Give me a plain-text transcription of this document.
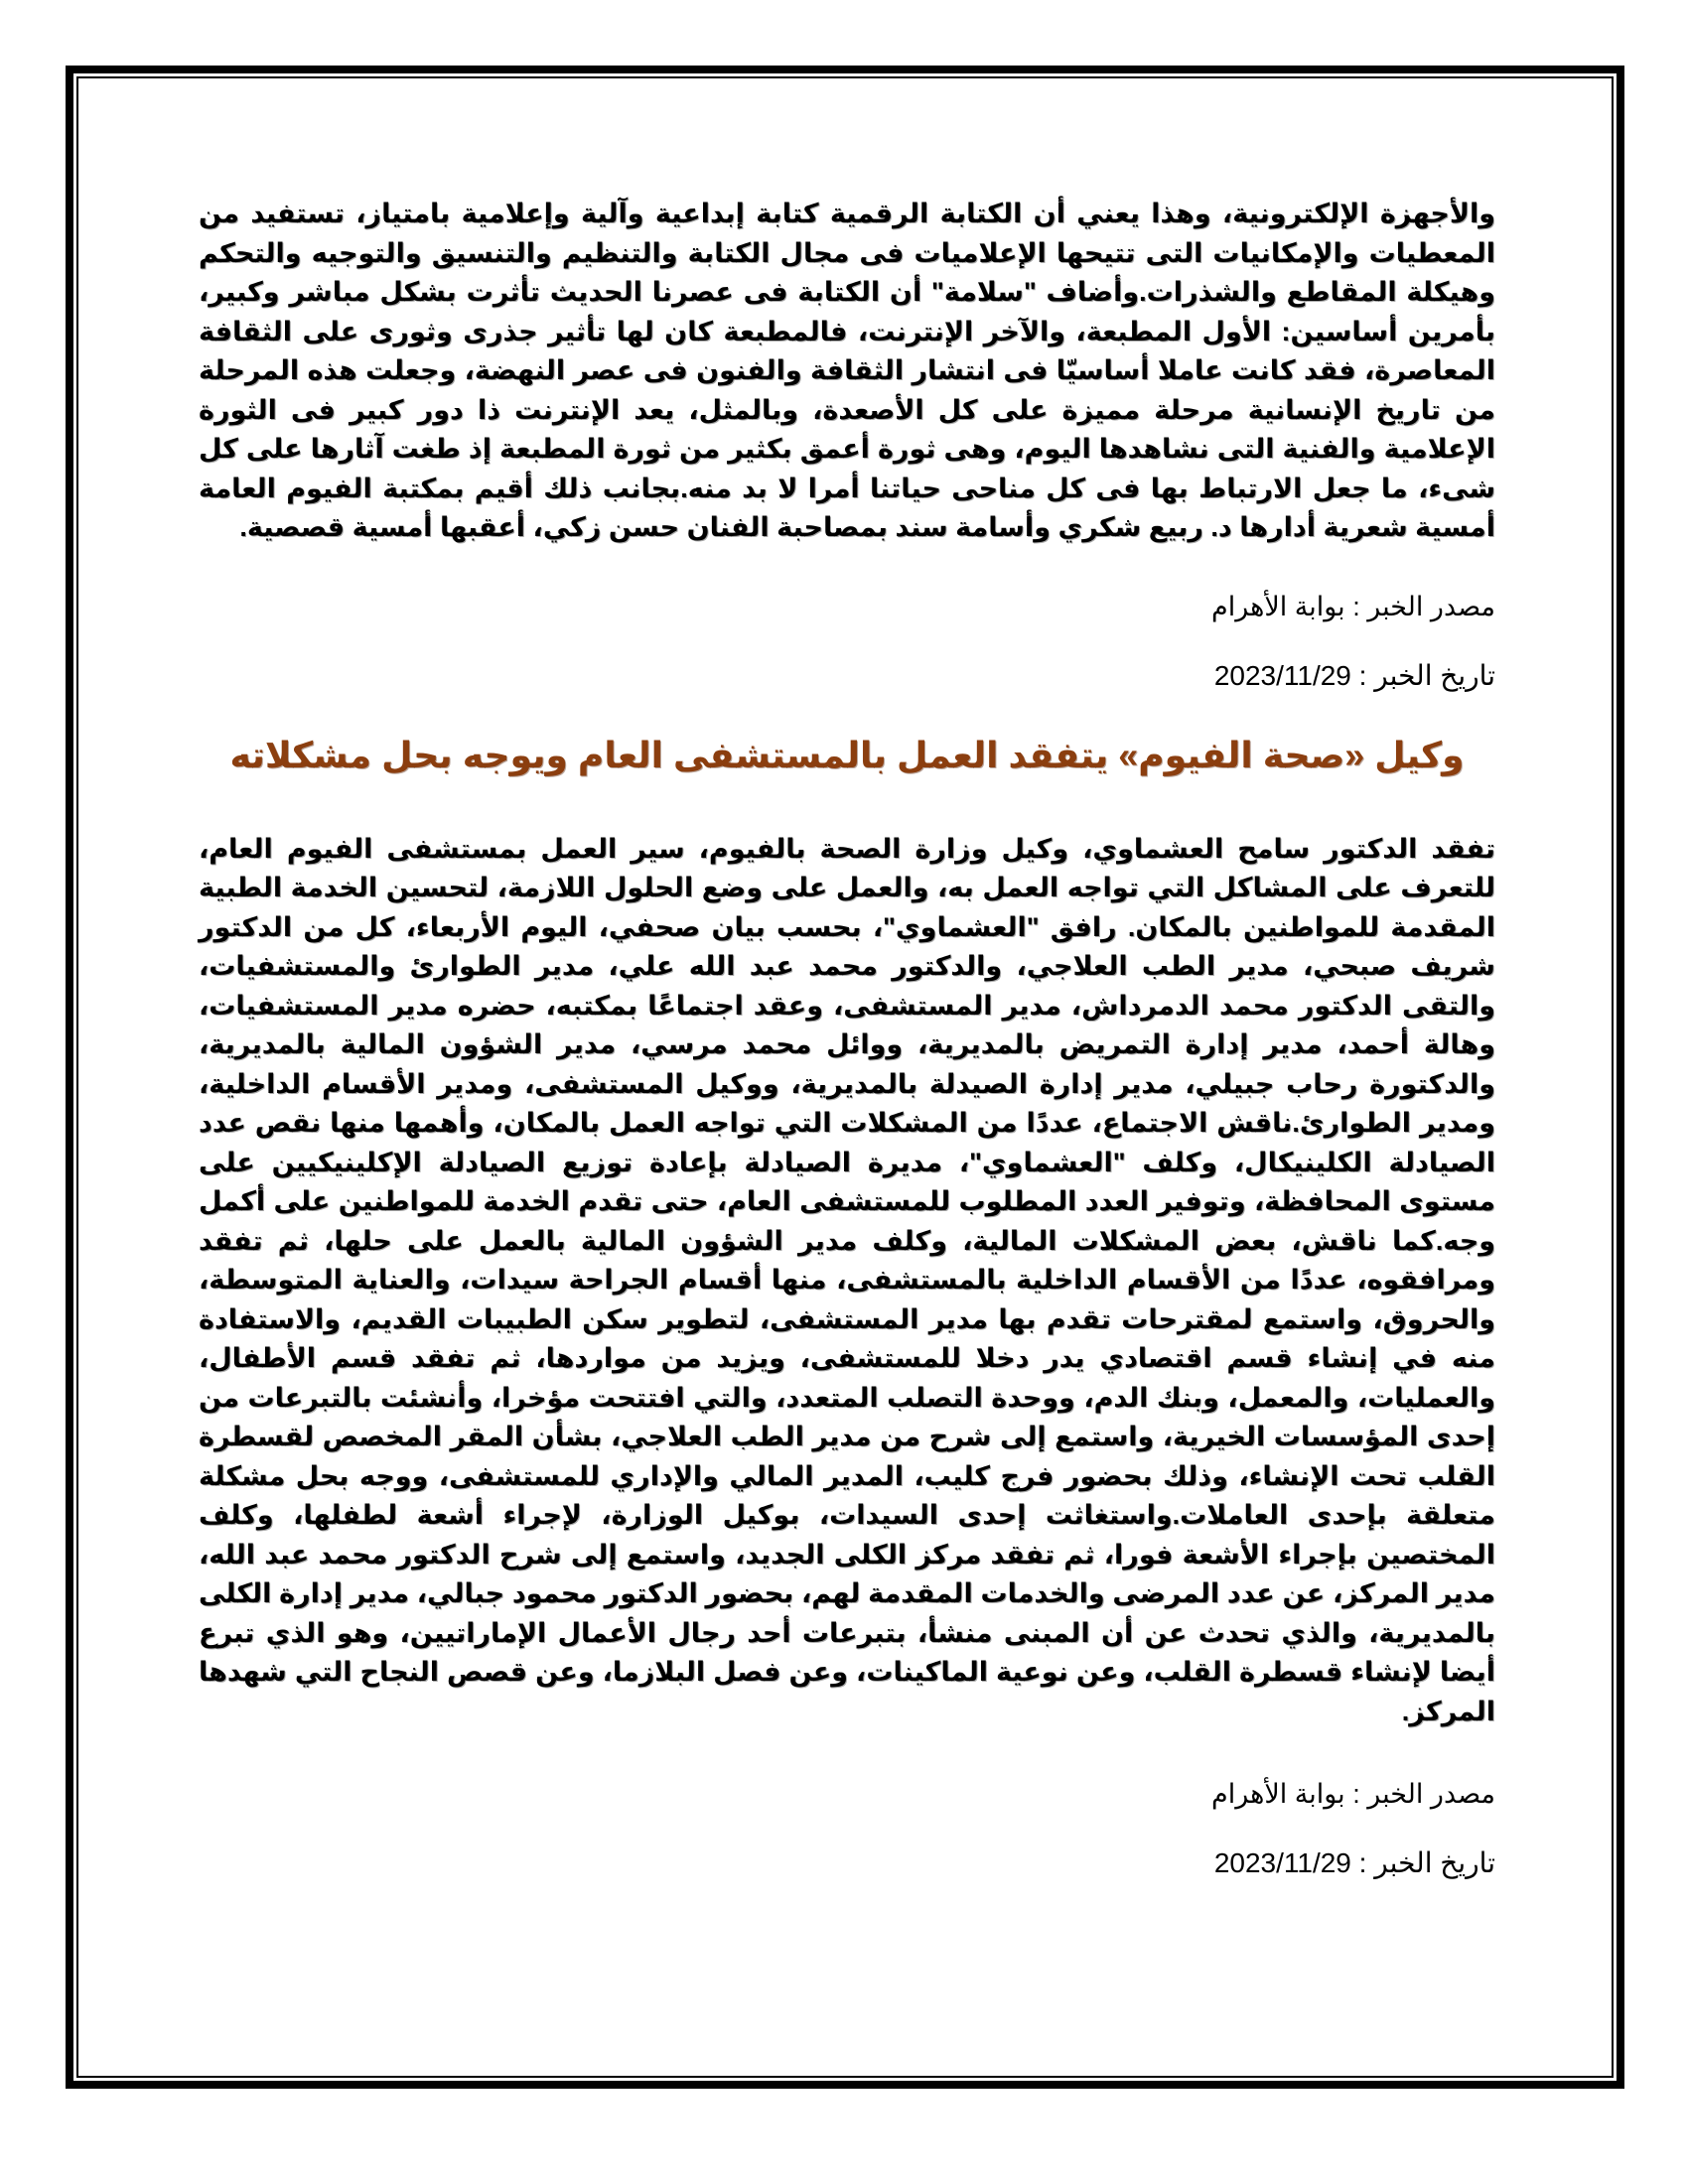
والأجهزة الإلكترونية، وهذا يعني أن الكتابة الرقمية كتابة إبداعية وآلية وإعلامية بامتياز، تستفيد من المعطيات والإمكانيات التى تتيحها الإعلاميات فى مجال الكتابة والتنظيم والتنسيق والتوجيه والتحكم وهيكلة المقاطع والشذرات.وأضاف "سلامة" أن الكتابة فى عصرنا الحديث تأثرت بشكل مباشر وكبير، بأمرين أساسين: الأول المطبعة، والآخر الإنترنت، فالمطبعة كان لها تأثير جذرى وثورى على الثقافة المعاصرة، فقد كانت عاملا أساسيّا فى انتشار الثقافة والفنون فى عصر النهضة، وجعلت هذه المرحلة من تاريخ الإنسانية مرحلة مميزة على كل الأصعدة، وبالمثل، يعد الإنترنت ذا دور كبير فى الثورة الإعلامية والفنية التى نشاهدها اليوم، وهى ثورة أعمق بكثير من ثورة المطبعة إذ طغت آثارها على كل شىء، ما جعل الارتباط بها فى كل مناحى حياتنا أمرا لا بد منه.بجانب ذلك أقيم بمكتبة الفيوم العامة أمسية شعرية أدارها د. ربيع شكري وأسامة سند بمصاحبة الفنان حسن زكي، أعقبها أمسية قصصية.

مصدر الخبر : بوابة الأهرام

تاريخ الخبر : 2023/11/29

وكيل «صحة الفيوم» يتفقد العمل بالمستشفى العام ويوجه بحل مشكلاته

تفقد الدكتور سامح العشماوي، وكيل وزارة الصحة بالفيوم، سير العمل بمستشفى الفيوم العام، للتعرف على المشاكل التي تواجه العمل به، والعمل على وضع الحلول اللازمة، لتحسين الخدمة الطبية المقدمة للمواطنين بالمكان. رافق "العشماوي"، بحسب بيان صحفي، اليوم الأربعاء، كل من الدكتور شريف صبحي، مدير الطب العلاجي، والدكتور محمد عبد الله علي، مدير الطوارئ والمستشفيات، والتقى الدكتور محمد الدمرداش، مدير المستشفى، وعقد اجتماعًا بمكتبه، حضره مدير المستشفيات، وهالة أحمد، مدير إدارة التمريض بالمديرية، ووائل محمد مرسي، مدير الشؤون المالية بالمديرية، والدكتورة رحاب جبيلي، مدير إدارة الصيدلة بالمديرية، ووكيل المستشفى، ومدير الأقسام الداخلية، ومدير الطوارئ.ناقش الاجتماع، عددًا من المشكلات التي تواجه العمل بالمكان، وأهمها منها نقص عدد الصيادلة الكلينيكال، وكلف "العشماوي"، مديرة الصيادلة بإعادة توزيع الصيادلة الإكلينيكيين على مستوى المحافظة، وتوفير العدد المطلوب للمستشفى العام، حتى تقدم الخدمة للمواطنين على أكمل وجه.كما ناقش، بعض المشكلات المالية، وكلف مدير الشؤون المالية بالعمل على حلها، ثم تفقد ومرافقوه، عددًا من الأقسام الداخلية بالمستشفى، منها أقسام الجراحة سيدات، والعناية المتوسطة، والحروق، واستمع لمقترحات تقدم بها مدير المستشفى، لتطوير سكن الطبيبات القديم، والاستفادة منه في إنشاء قسم اقتصادي يدر دخلا للمستشفى، ويزيد من مواردها، ثم تفقد قسم الأطفال، والعمليات، والمعمل، وبنك الدم، ووحدة التصلب المتعدد، والتي افتتحت مؤخرا، وأنشئت بالتبرعات من إحدى المؤسسات الخيرية، واستمع إلى شرح من مدير الطب العلاجي، بشأن المقر المخصص لقسطرة القلب تحت الإنشاء، وذلك بحضور فرج كليب، المدير المالي والإداري للمستشفى، ووجه بحل مشكلة متعلقة بإحدى العاملات.واستغاثت إحدى السيدات، بوكيل الوزارة، لإجراء أشعة لطفلها، وكلف المختصين بإجراء الأشعة فورا، ثم تفقد مركز الكلى الجديد، واستمع إلى شرح الدكتور محمد عبد الله، مدير المركز، عن عدد المرضى والخدمات المقدمة لهم، بحضور الدكتور محمود جبالي، مدير إدارة الكلى بالمديرية، والذي تحدث عن أن المبنى منشأ، بتبرعات أحد رجال الأعمال الإماراتيين، وهو الذي تبرع أيضا لإنشاء قسطرة القلب، وعن نوعية الماكينات، وعن فصل البلازما، وعن قصص النجاح التي شهدها المركز.

مصدر الخبر : بوابة الأهرام

تاريخ الخبر : 2023/11/29
